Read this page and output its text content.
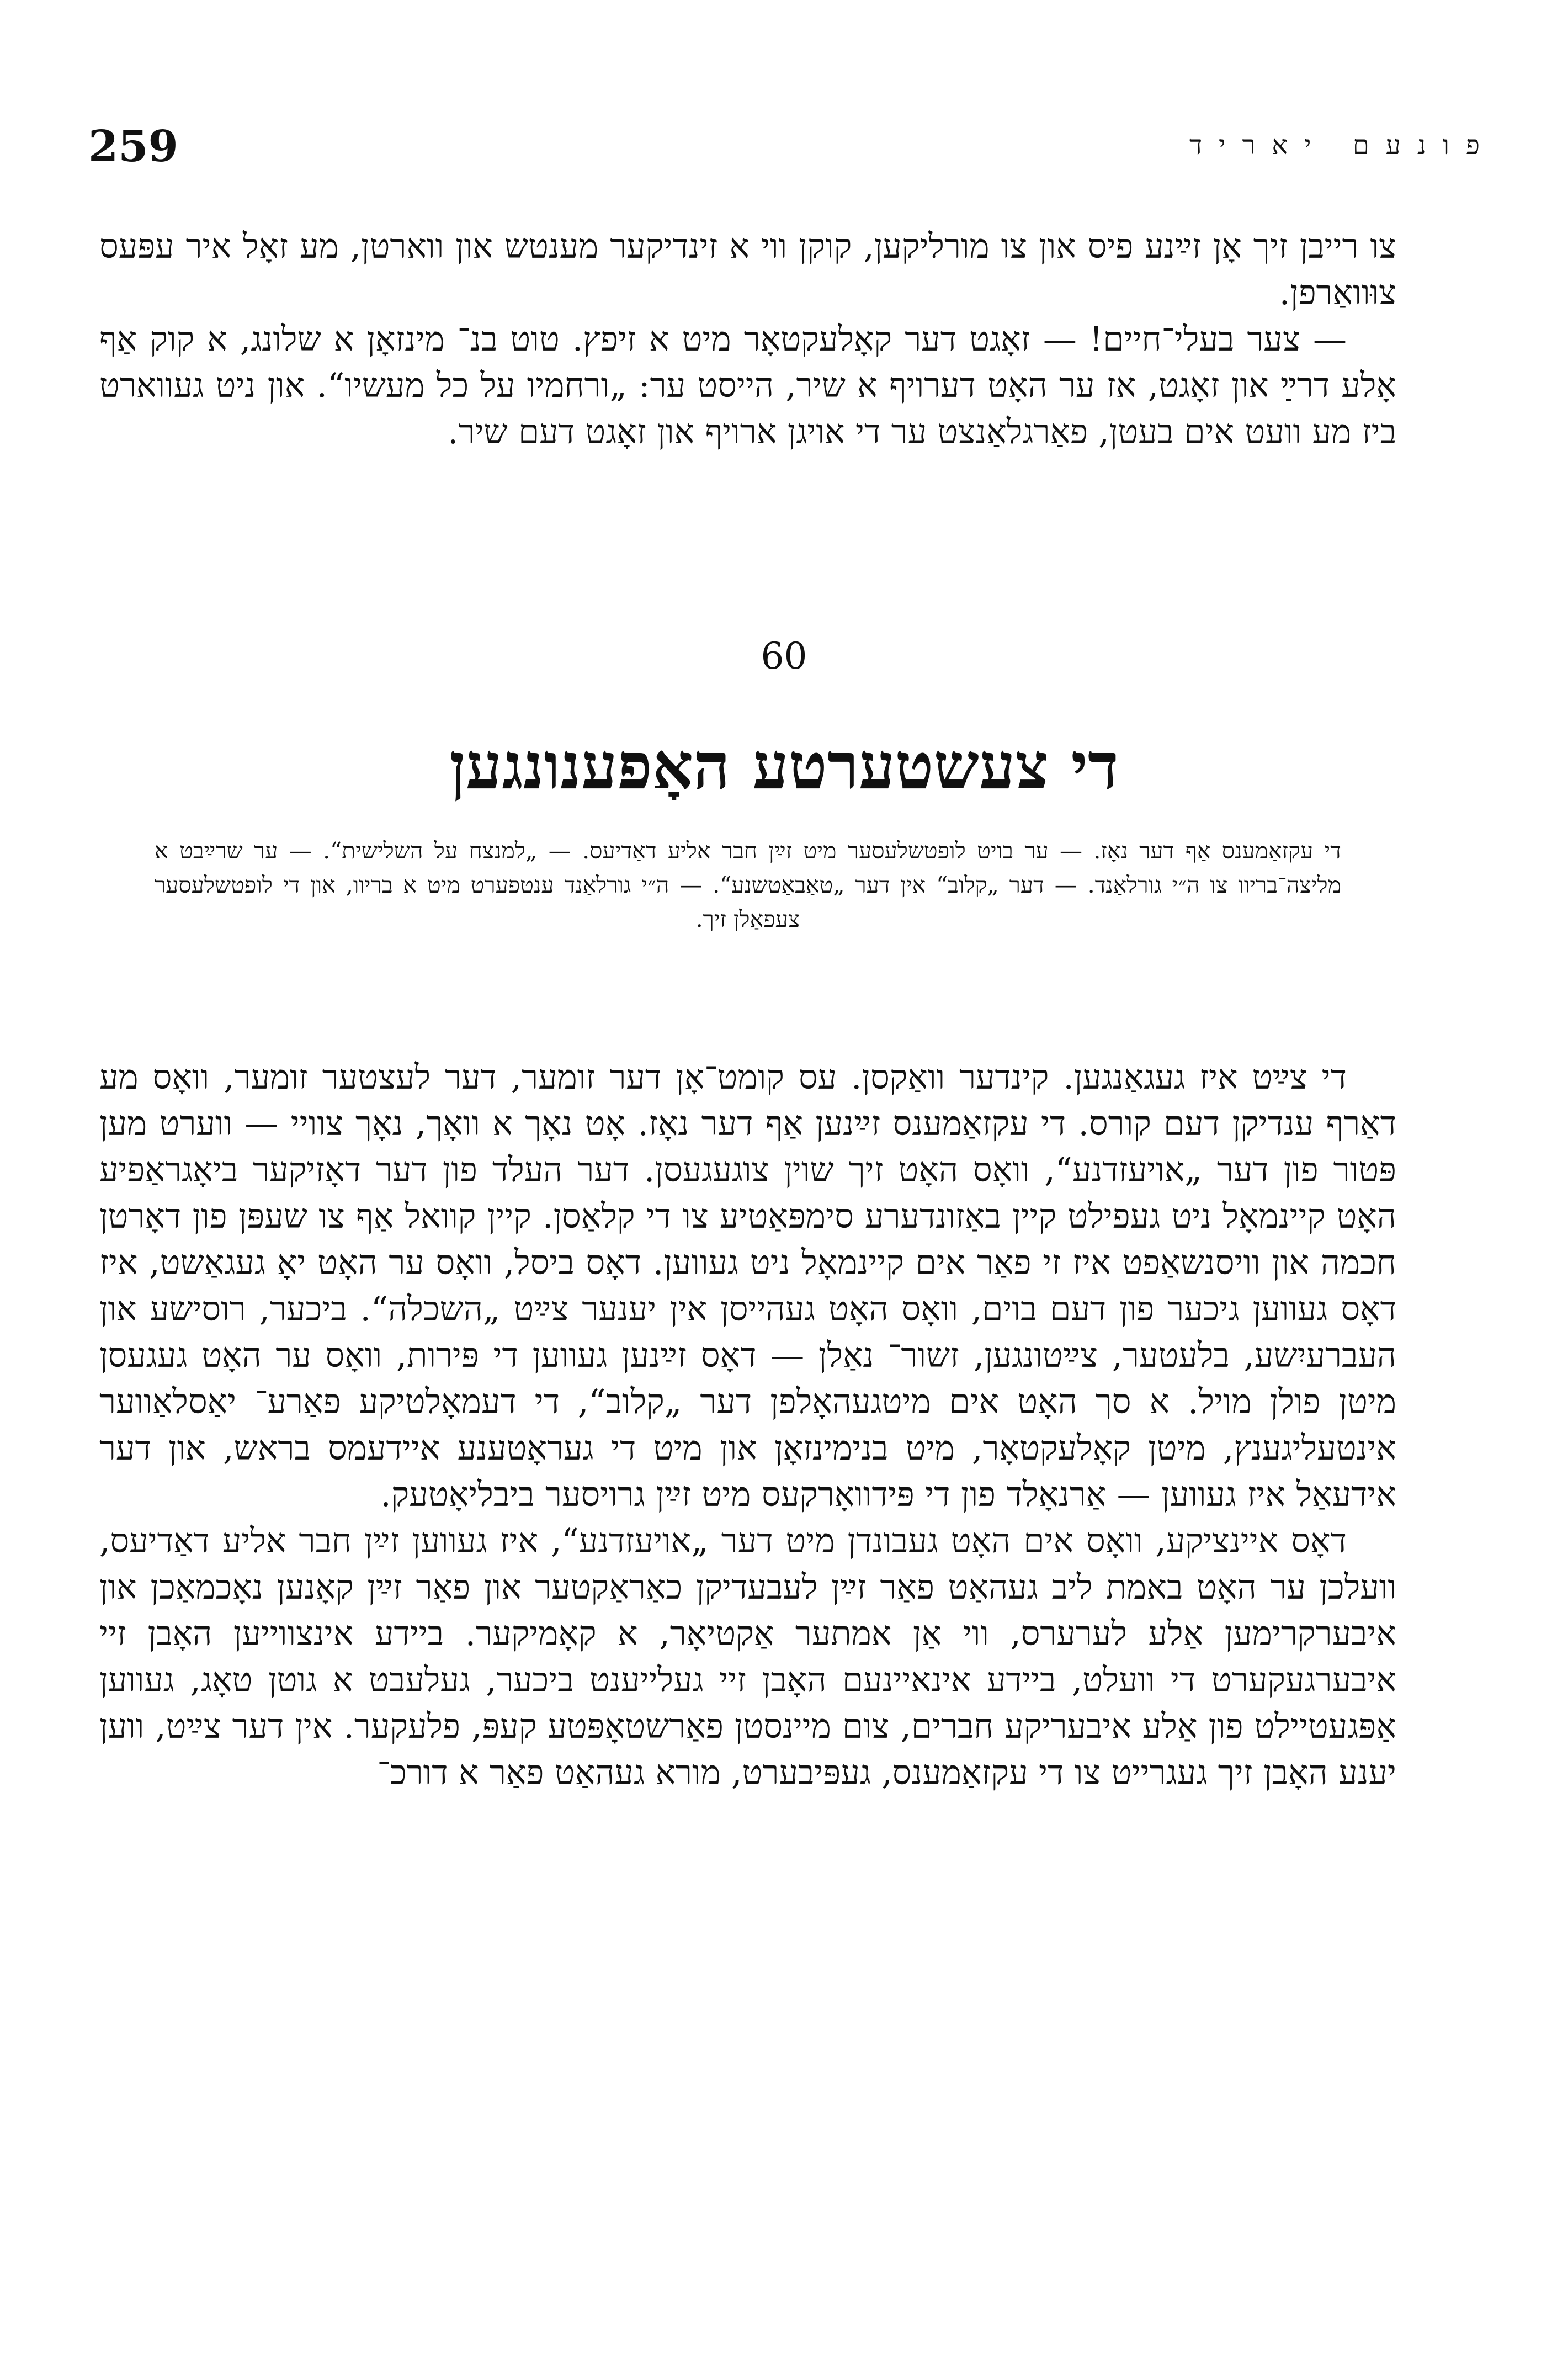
259	פונעם יאריד

צו רייבן זיך אָן זײַנע פיס און צו מורליקען, קוקן ווי א זינדיקער מענטש און ווארטן, מע זאָל איר עפּעס צוּוואַרפן.

— צער בעלי־חיים! — זאָגט דער קאָלעקטאָר מיט א זיפץ. טוט בנ־ מינזאָן א שלונג, א קוק אַף אָלע דרײַ און זאָגט, אז ער האָט דערויף א שיר, הייסט ער: „ורחמיו על כל מעשיו“. און ניט געווארט ביז מע וועט אים בעטן, פאַרגלאַנצט ער די אויגן ארויף און זאָגט דעם שיר.

60
די צעשטערטע האָפענונגען
די עקזאַמענס אַף דער נאָז. — ער בויט לופטשלעסער מיט זײַן חבר אליע דאַדיעס. — „למנצח על השלישית“. — ער שרײַבט א מליצה־בריוו צו ה״י גורלאַנד. — דער „קלוב“ אין דער „טאַבאַטשנע“. — ה״י גורלאַנד ענטפערט מיט א בריוו, און די לופטשלעסער צעפאַלן זיך.

די צײַט איז געגאַנגען. קינדער וואַקסן. עס קומט־אָן דער זומער, דער לעצטער זומער, וואָס מע דאַרף ענדיקן דעם קורס. די עקזאַמענס זײַנען אַף דער נאָז. אָט נאָך א וואָך, נאָך צוויי — ווערט מען פּטור פון דער „אויעזדנע“, וואָס האָט זיך שוין צוגעגעסן. דער העלד פון דער דאָזיקער ביאָגראַפיע האָט קיינמאָל ניט געפילט קיין באַזונדערע סימפּאַטיע צו די קלאַסן. קיין קוואל אַף צו שעפּן פון דאָרטן חכמה און וויסנשאַפט איז זי פאַר אים קיינמאָל ניט געווען. דאָס ביסל, וואָס ער האָט יאָ געגאַשט, איז דאָס געווען גיכער פון דעם בוים, וואָס האָט געהייסן אין יענער צײַט „השכלה“. ביכער, רוסישע און העברעיִשע, בלעטער, צײַטונגען, זשור־ נאַלן — דאָס זײַנען געווען די פּירות, וואָס ער האָט געגעסן מיטן פולן מויל. א סך האָט אים מיטגעהאָלפן דער „קלוב“, די דעמאָלטיקע פאַרע־ יאַסלאַווער אינטעליגענץ, מיטן קאָלעקטאָר, מיט בנימינזאָן און מיט די געראָטענע איידעמס בראש, און דער אידעאַל איז געווען — אַרנאָלד פון די פּידוואָרקעס מיט זײַן גרויסער ביבליאָטעק.

דאָס איינציקע, וואָס אים האָט געבונדן מיט דער „אויעזדנע“, איז געווען זײַן חבר אליע דאַדיעס, וועלכן ער האָט באמת ליב געהאַט פאַר זײַן לעבעדיקן כאַראַקטער און פאַר זײַן קאָנען נאָכמאַכן און איבערקרימען אַלע לערערס, ווי אַן אמתער אַקטיאָר, א קאָמיקער. ביידע אינצווייען האָבן זיי איבערגעקערט די וועלט, ביידע אינאיינעם האָבן זיי געלייענט ביכער, געלעבט א גוטן טאָג, געווען אַפּגעטיילט פון אַלע איבעריקע חברים, צום מיינסטן פאַרשטאָפּטע קעפּ, פלעקער. אין דער צײַט, ווען יענע האָבן זיך געגרייט צו די עקזאַמענס, געפּיבערט, מורא געהאַט פאַר א דורכ־
